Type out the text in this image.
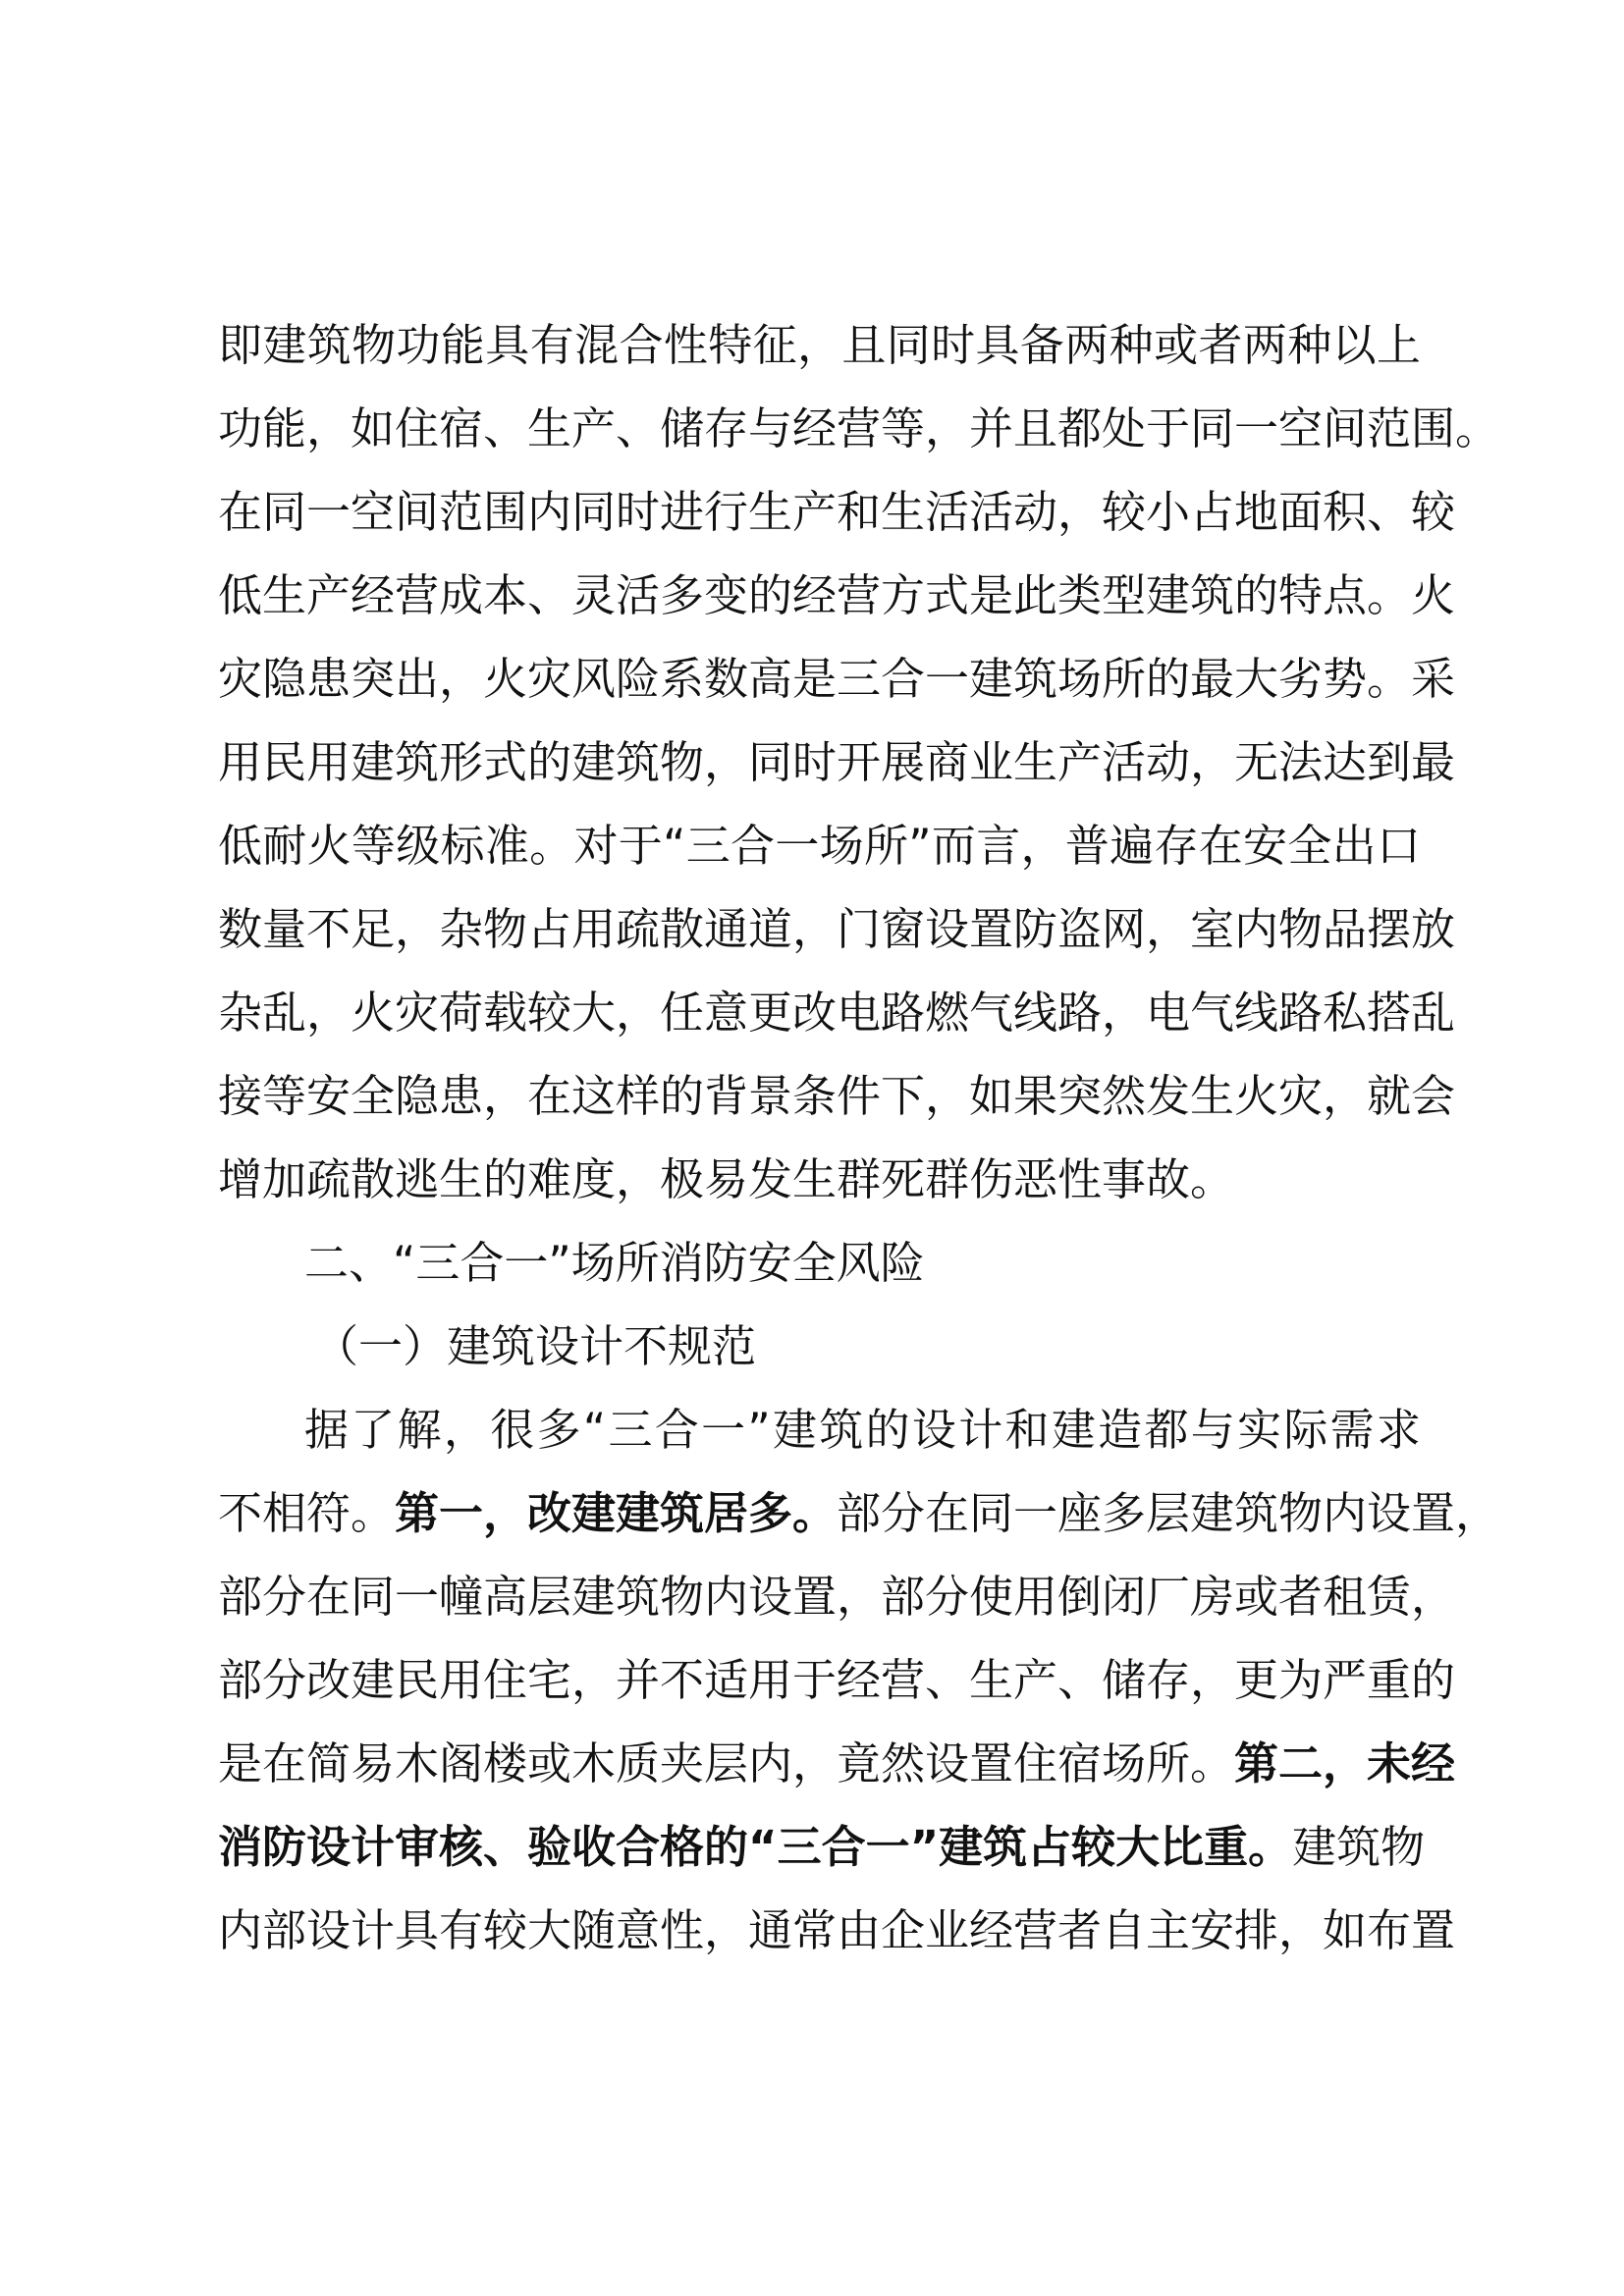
即建筑物功能具有混合性特征，且同时具备两种或者两种以上
功能，如住宿、生产、储存与经营等，并且都处于同一空间范围。
在同一空间范围内同时进行生产和生活活动，较小占地面积、较
低生产经营成本、灵活多变的经营方式是此类型建筑的特点。火
灾隐患突出，火灾风险系数高是三合一建筑场所的最大劣势。采
用民用建筑形式的建筑物，同时开展商业生产活动，无法达到最
低耐火等级标准。对于“三合一场所”而言，普遍存在安全出口
数量不足，杂物占用疏散通道，门窗设置防盗网，室内物品摆放
杂乱，火灾荷载较大，任意更改电路燃气线路，电气线路私搭乱
接等安全隐患，在这样的背景条件下，如果突然发生火灾，就会
增加疏散逃生的难度，极易发生群死群伤恶性事故。
二、“三合一”场所消防安全风险
（一）建筑设计不规范
据了解，很多“三合一”建筑的设计和建造都与实际需求
不相符。第一，改建建筑居多。部分在同一座多层建筑物内设置，
部分在同一幢高层建筑物内设置，部分使用倒闭厂房或者租赁，
部分改建民用住宅，并不适用于经营、生产、储存，更为严重的
是在简易木阁楼或木质夹层内，竟然设置住宿场所。第二，未经
消防设计审核、验收合格的“三合一”建筑占较大比重。建筑物
内部设计具有较大随意性，通常由企业经营者自主安排，如布置
